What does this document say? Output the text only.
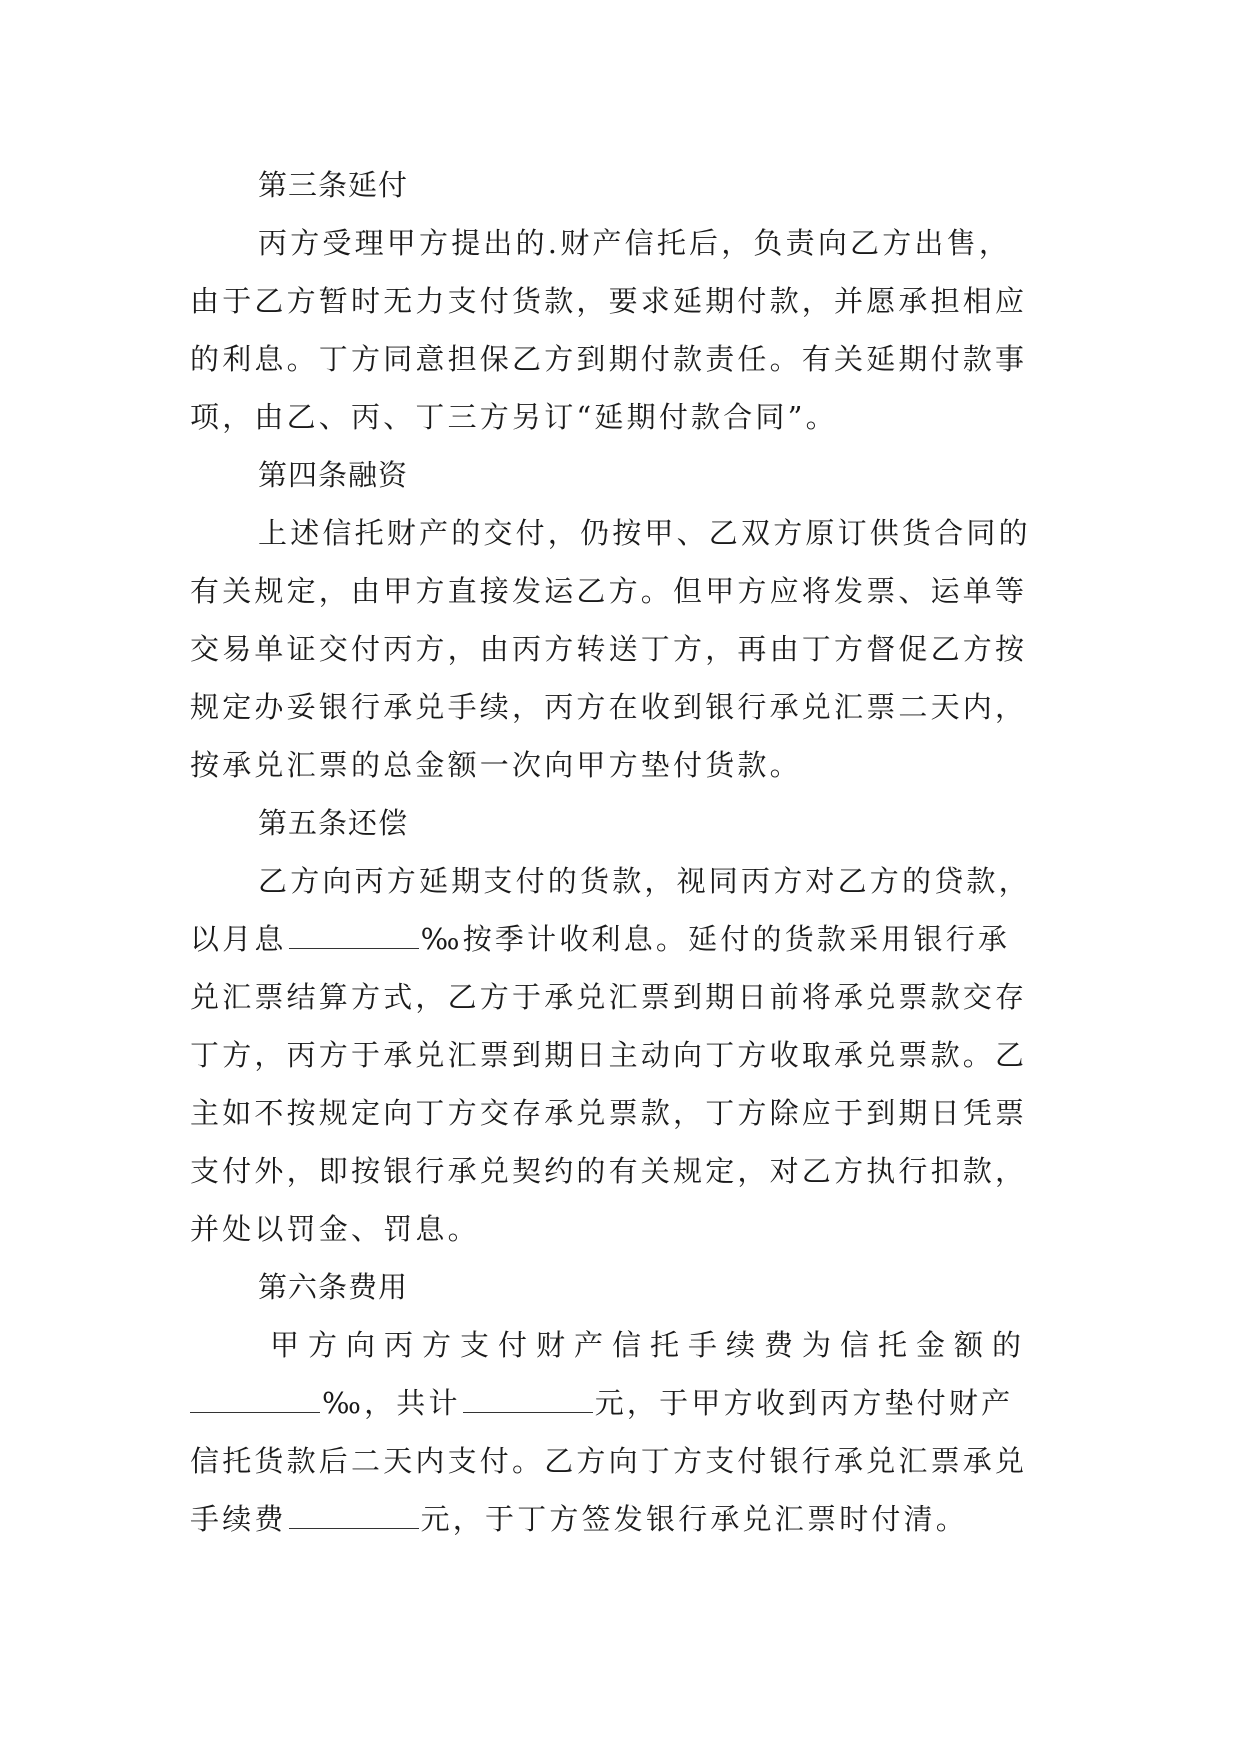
第三条延付
丙方受理甲方提出的.财产信托后，负责向乙方出售，
由于乙方暂时无力支付货款，要求延期付款，并愿承担相应
的利息。丁方同意担保乙方到期付款责任。有关延期付款事
项，由乙、丙、丁三方另订“延期付款合同”。
第四条融资
上述信托财产的交付，仍按甲、乙双方原订供货合同的
有关规定，由甲方直接发运乙方。但甲方应将发票、运单等
交易单证交付丙方，由丙方转送丁方，再由丁方督促乙方按
规定办妥银行承兑手续，丙方在收到银行承兑汇票二天内，
按承兑汇票的总金额一次向甲方垫付货款。
第五条还偿
乙方向丙方延期支付的货款，视同丙方对乙方的贷款，
以月息	‰按季计收利息。延付的货款采用银行承
兑汇票结算方式，乙方于承兑汇票到期日前将承兑票款交存
丁方，丙方于承兑汇票到期日主动向丁方收取承兑票款。乙
主如不按规定向丁方交存承兑票款，丁方除应于到期日凭票
支付外，即按银行承兑契约的有关规定，对乙方执行扣款，
并处以罚金、罚息。
第六条费用
甲方向丙方支付财产信托手续费为信托金额的
‰，共计	元，于甲方收到丙方垫付财产
信托货款后二天内支付。乙方向丁方支付银行承兑汇票承兑
手续费	元，于丁方签发银行承兑汇票时付清。
